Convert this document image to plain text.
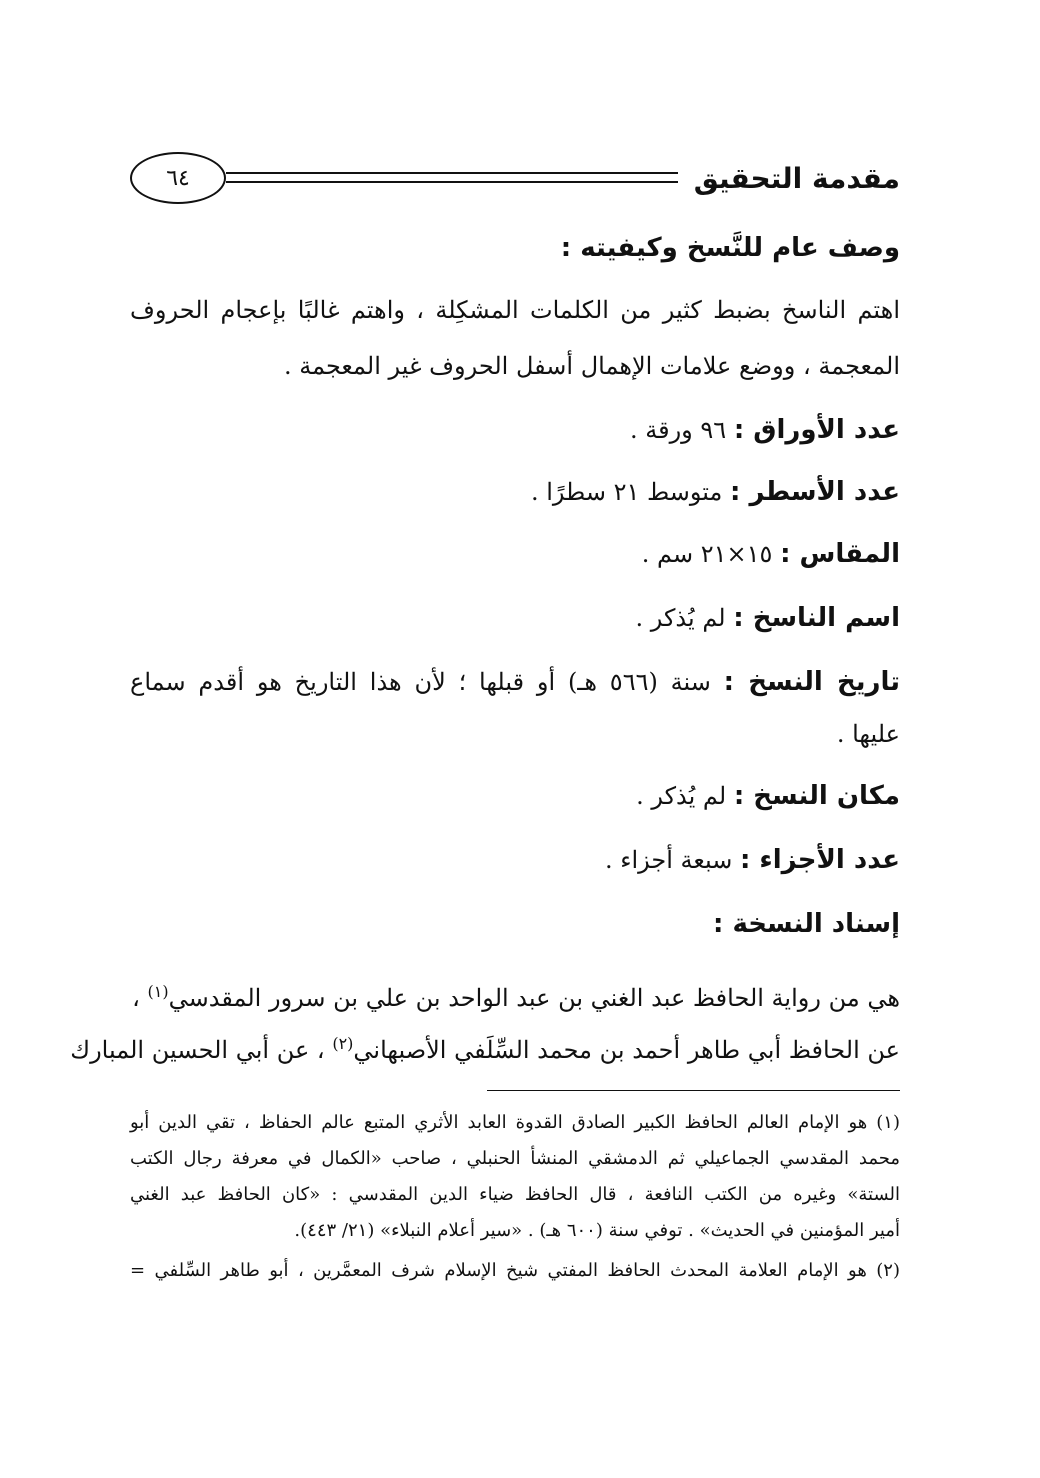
٦٤	مقدمة التحقيق
وصف عام للنَّسخ وكيفيته :
اهتم الناسخ بضبط كثير من الكلمات المشكِلة ، واهتم غالبًا بإعجام الحروف
المعجمة ، ووضع علامات الإهمال أسفل الحروف غير المعجمة .
عدد الأوراق : ٩٦ ورقة .
عدد الأسطر : متوسط ٢١ سطرًا .
المقاس : ١٥×٢١ سم .
اسم الناسخ : لم يُذكر .
تاريخ النسخ : سنة (٥٦٦ هـ) أو قبلها ؛ لأن هذا التاريخ هو أقدم سماع
عليها .
مكان النسخ : لم يُذكر .
عدد الأجزاء : سبعة أجزاء .
إسناد النسخة :
هي من رواية الحافظ عبد الغني بن عبد الواحد بن علي بن سرور المقدسي$^{(١)}$ ،
عن الحافظ أبي طاهر أحمد بن محمد السِّلَفي الأصبهاني$^{(٢)}$ ، عن أبي الحسين المبارك
(١) هو الإمام العالم الحافظ الكبير الصادق القدوة العابد الأثري المتبع عالم الحفاظ ، تقي الدين أبو
محمد المقدسي الجماعيلي ثم الدمشقي المنشأ الحنبلي ، صاحب «الكمال في معرفة رجال الكتب
الستة» وغيره من الكتب النافعة ، قال الحافظ ضياء الدين المقدسي : «كان الحافظ عبد الغني
أمير المؤمنين في الحديث» . توفي سنة (٦٠٠ هـ) . «سير أعلام النبلاء» (٢١/ ٤٤٣).
(٢) هو الإمام العلامة المحدث الحافظ المفتي شيخ الإسلام شرف المعمَّرين ، أبو طاهر السِّلفي =
